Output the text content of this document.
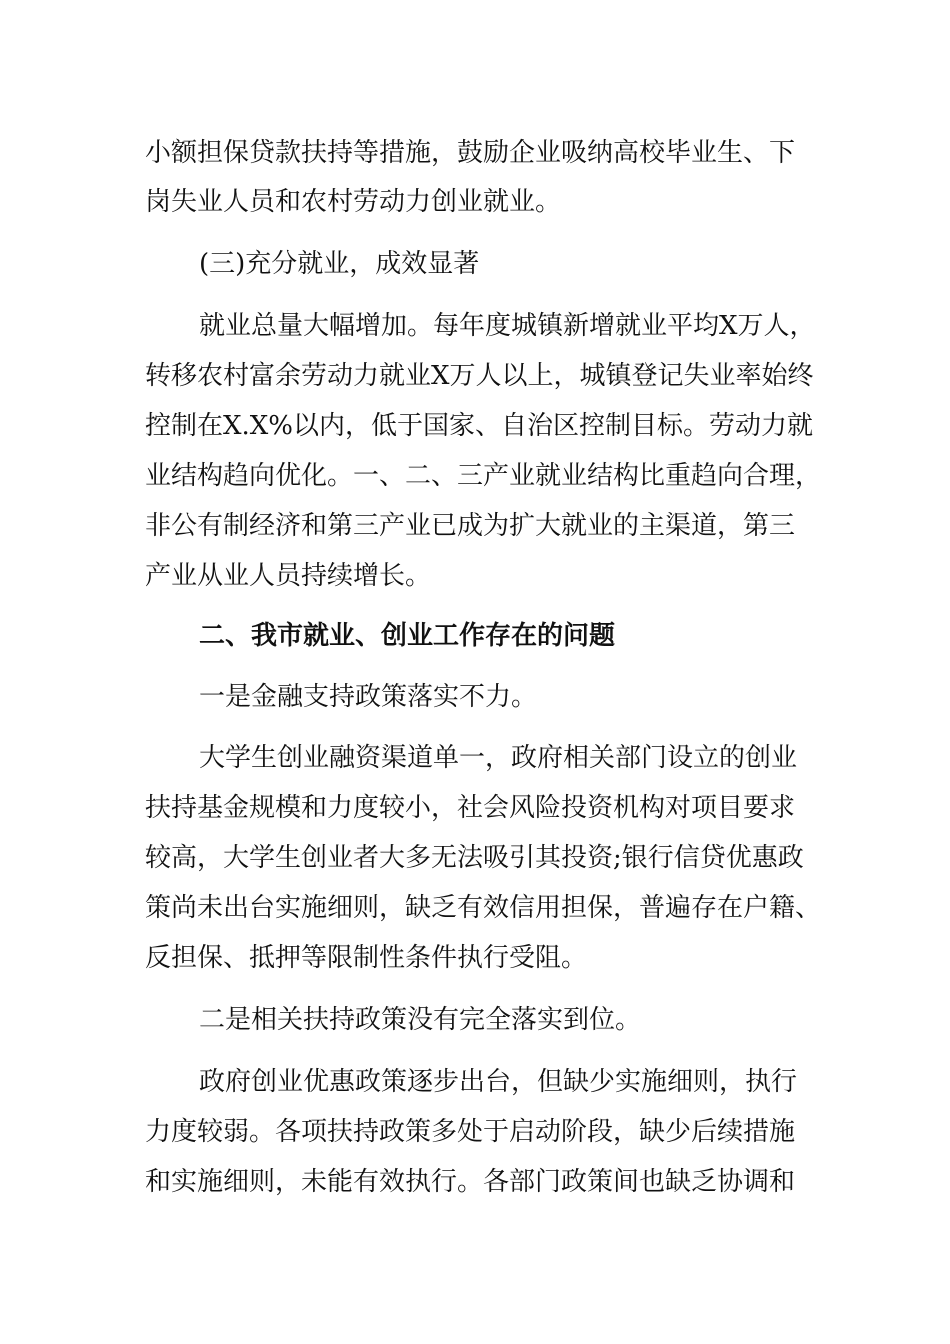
小额担保贷款扶持等措施，鼓励企业吸纳高校毕业生、下
岗失业人员和农村劳动力创业就业。
(三)充分就业，成效显著
就业总量大幅增加。每年度城镇新增就业平均X万人，
转移农村富余劳动力就业X万人以上，城镇登记失业率始终
控制在X.X%以内，低于国家、自治区控制目标。劳动力就
业结构趋向优化。一、二、三产业就业结构比重趋向合理，
非公有制经济和第三产业已成为扩大就业的主渠道，第三
产业从业人员持续增长。
二、我市就业、创业工作存在的问题
一是金融支持政策落实不力。
大学生创业融资渠道单一，政府相关部门设立的创业
扶持基金规模和力度较小，社会风险投资机构对项目要求
较高，大学生创业者大多无法吸引其投资;银行信贷优惠政
策尚未出台实施细则，缺乏有效信用担保，普遍存在户籍、
反担保、抵押等限制性条件执行受阻。
二是相关扶持政策没有完全落实到位。
政府创业优惠政策逐步出台，但缺少实施细则，执行
力度较弱。各项扶持政策多处于启动阶段，缺少后续措施
和实施细则，未能有效执行。各部门政策间也缺乏协调和
